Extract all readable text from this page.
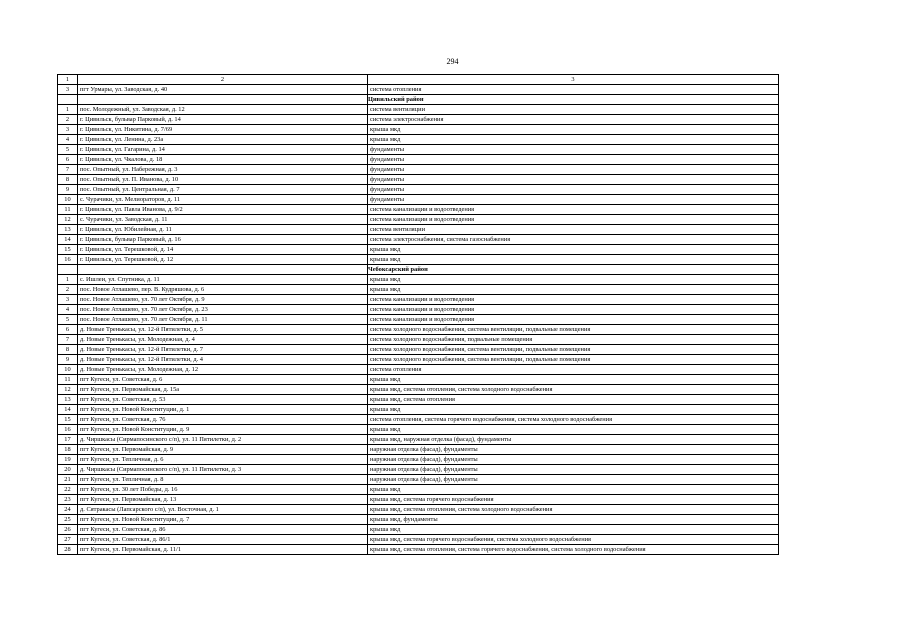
294
1	2	3
3	пгт Урмары, ул. Заводская, д. 40	система отопления
		Цивильский район
1	пос. Молодежный, ул. Заводская, д. 12	система вентиляции
2	г. Цивильск, бульвар Парковый, д. 14	система электроснабжения
3	г. Цивильск, ул. Никитина, д. 7/69	крыша мкд
4	г. Цивильск, ул. Ленина, д. 23а	крыша мкд
5	г. Цивильск, ул. Гагарина, д. 14	фундаменты
6	г. Цивильск, ул. Чкалова, д. 18	фундаменты
7	пос. Опытный, ул. Набережная, д. 3	фундаменты
8	пос. Опытный, ул. П. Иванова, д. 10	фундаменты
9	пос. Опытный, ул. Центральная, д. 7	фундаменты
10	с. Чурачики, ул. Мелиораторов, д. 11	фундаменты
11	г. Цивильск, ул. Павла Иванова, д. 9/2	система канализации и водоотведения
12	с. Чурачики, ул. Заводская, д. 11	система канализации и водоотведения
13	г. Цивильск, ул. Юбилейная, д. 11	система вентиляции
14	г. Цивильск, бульвар Парковый, д. 16	система электроснабжения, система газоснабжения
15	г. Цивильск, ул. Терешковой, д. 14	крыша мкд
16	г. Цивильск, ул. Терешковой, д. 12	крыша мкд
		Чебоксарский район
1	с. Ишлеи, ул. Спутника, д. 11	крыша мкд
2	пос. Новое Атлашево, пер. В. Кудряшова, д. 6	крыша мкд
3	пос. Новое Атлашево, ул. 70 лет Октября, д. 9	система канализации и водоотведения
4	пос. Новое Атлашево, ул. 70 лет Октября, д. 23	система канализации и водоотведения
5	пос. Новое Атлашево, ул. 70 лет Октября, д. 11	система канализации и водоотведения
6	д. Новые Тренькасы, ул. 12-й Пятилетки, д. 5	система холодного водоснабжения, система вентиляции, подвальные помещения
7	д. Новые Тренькасы, ул. Молодежная, д. 4	система холодного водоснабжения, подвальные помещения
8	д. Новые Тренькасы, ул. 12-й Пятилетки, д. 7	система холодного водоснабжения, система вентиляции, подвальные помещения
9	д. Новые Тренькасы, ул. 12-й Пятилетки, д. 4	система холодного водоснабжения, система вентиляции, подвальные помещения
10	д. Новые Тренькасы, ул. Молодежная, д. 12	система отопления
11	пгт Кугеси, ул. Советская, д. 6	крыша мкд
12	пгт Кугеси, ул. Первомайская, д. 15а	крыша мкд, система отопления, система холодного водоснабжения
13	пгт Кугеси, ул. Советская, д. 53	крыша мкд, система отопления
14	пгт Кугеси, ул. Новой Конституции, д. 1	крыша мкд
15	пгт Кугеси, ул. Советская, д. 76	система отопления, система горячего водоснабжения, система холодного водоснабжения
16	пгт Кугеси, ул. Новой Конституции, д. 9	крыша мкд
17	д. Чиршкасы (Сирмапосинского с/п), ул. 11 Пятилетки, д. 2	крыша мкд, наружная отделка (фасад), фундаменты
18	пгт Кугеси, ул. Первомайская, д. 9	наружная отделка (фасад), фундаменты
19	пгт Кугеси, ул. Тепличная, д. 6	наружная отделка (фасад), фундаменты
20	д. Чиршкасы (Сирмапосинского с/п), ул. 11 Пятилетки, д. 3	наружная отделка (фасад), фундаменты
21	пгт Кугеси, ул. Тепличная, д. 8	наружная отделка (фасад), фундаменты
22	пгт Кугеси, ул. 30 лет Победы, д. 16	крыша мкд
23	пгт Кугеси, ул. Первомайская, д. 13	крыша мкд, система горячего водоснабжения
24	д. Сятракасы (Лапсарского с/п), ул. Восточная, д. 1	крыша мкд, система отопления, система холодного водоснабжения
25	пгт Кугеси, ул. Новой Конституции, д. 7	крыша мкд, фундаменты
26	пгт Кугеси, ул. Советская, д. 86	крыша мкд
27	пгт Кугеси, ул. Советская, д. 86/1	крыша мкд, система горячего водоснабжения, система холодного водоснабжения
28	пгт Кугеси, ул. Первомайская, д. 11/1	крыша мкд, система отопления, система горячего водоснабжения, система холодного водоснабжения
